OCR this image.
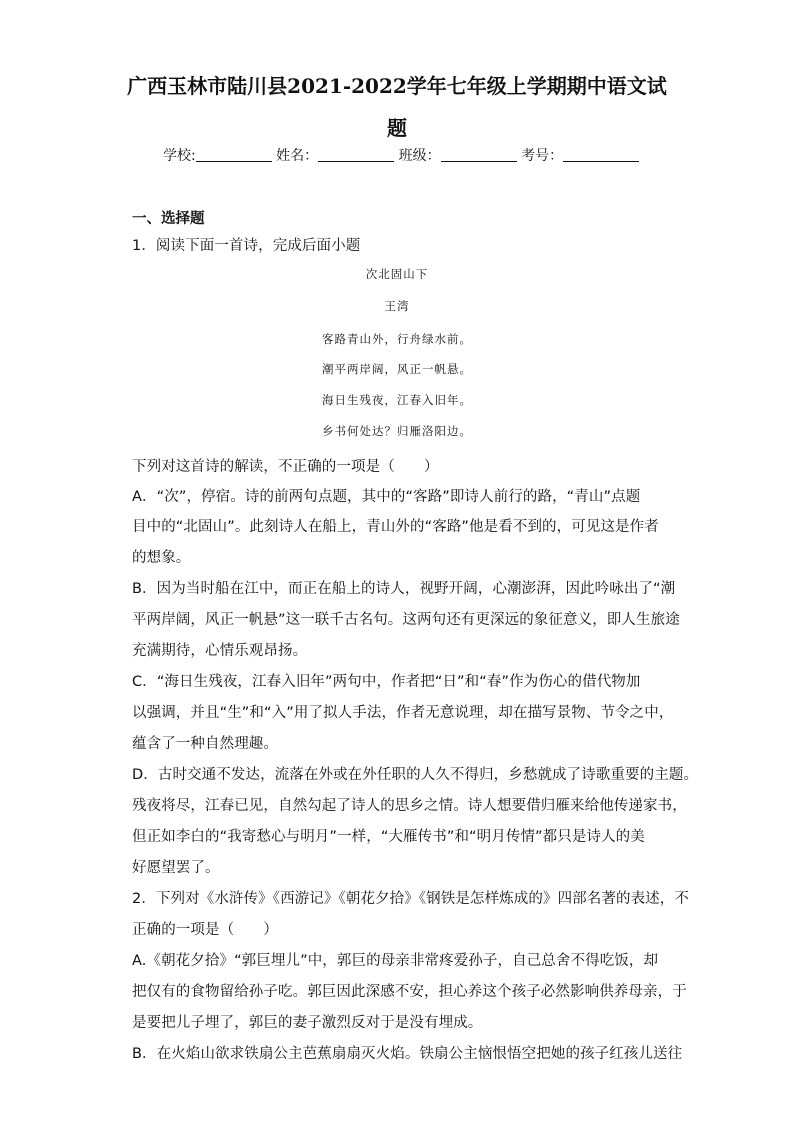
广西玉林市陆川县2021-2022学年七年级上学期期中语文试
题
学校:	姓名：	班级：	考号：
一、选择题
1．阅读下面一首诗，完成后面小题
次北固山下
王湾
客路青山外，行舟绿水前。
潮平两岸阔，风正一帆悬。
海日生残夜，江春入旧年。
乡书何处达？归雁洛阳边。
下列对这首诗的解读，不正确的一项是（　　）
A．“次”，停宿。诗的前两句点题，其中的“客路”即诗人前行的路，“青山”点题
目中的“北固山”。此刻诗人在船上，青山外的“客路”他是看不到的，可见这是作者
的想象。
B．因为当时船在江中，而正在船上的诗人，视野开阔，心潮澎湃，因此吟咏出了“潮
平两岸阔，风正一帆悬”这一联千古名句。这两句还有更深远的象征意义，即人生旅途
充满期待，心情乐观昂扬。
C．“海日生残夜，江春入旧年”两句中，作者把“日”和“春”作为伤心的借代物加
以强调，并且“生”和“入”用了拟人手法，作者无意说理，却在描写景物、节令之中，
蕴含了一种自然理趣。
D．古时交通不发达，流落在外或在外任职的人久不得归，乡愁就成了诗歌重要的主题。
残夜将尽，江春已见，自然勾起了诗人的思乡之情。诗人想要借归雁来给他传递家书，
但正如李白的“我寄愁心与明月”一样，“大雁传书”和“明月传情”都只是诗人的美
好愿望罢了。
2．下列对《水浒传》《西游记》《朝花夕拾》《钢铁是怎样炼成的》四部名著的表述，不
正确的一项是（　　）
A.《朝花夕拾》“郭巨埋儿”中，郭巨的母亲非常疼爱孙子，自己总舍不得吃饭，却
把仅有的食物留给孙子吃。郭巨因此深感不安，担心养这个孩子必然影响供养母亲，于
是要把儿子埋了，郭巨的妻子激烈反对于是没有埋成。
B．在火焰山欲求铁扇公主芭蕉扇扇灭火焰。铁扇公主恼恨悟空把她的孩子红孩儿送往
